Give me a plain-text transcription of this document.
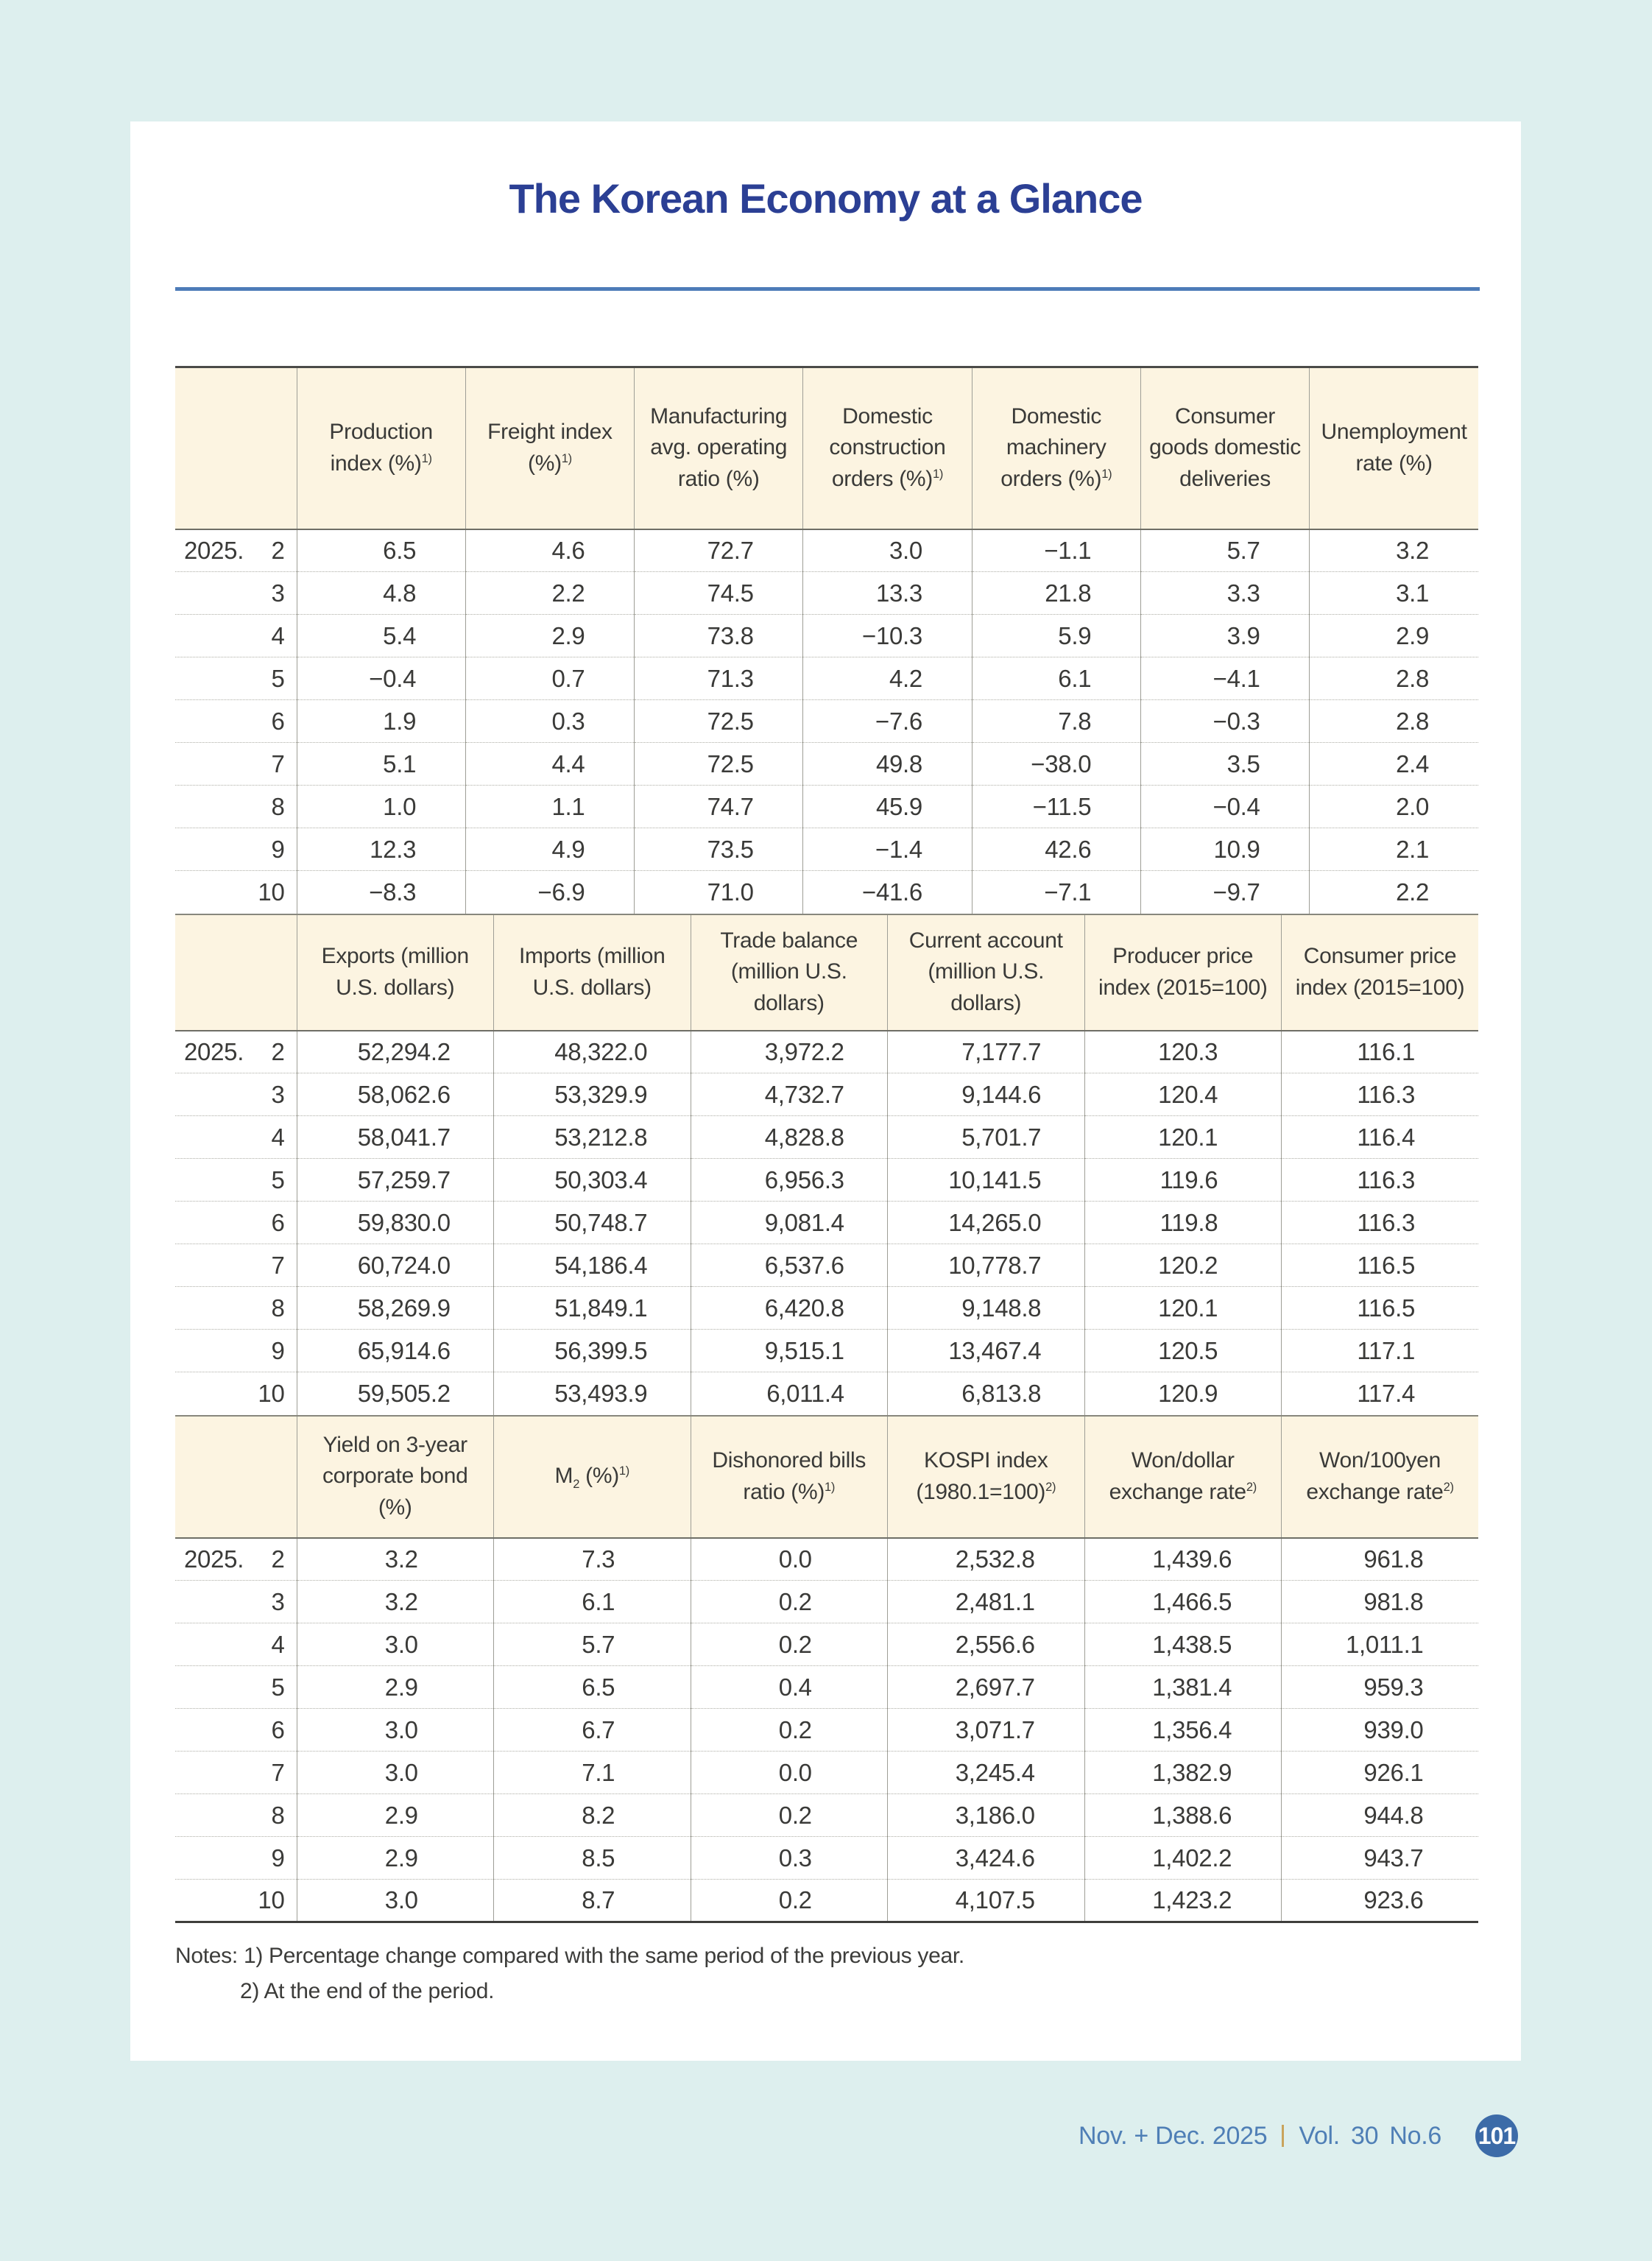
The Korean Economy at a Glance
	Production index (%)$^{1)}$	Freight index (%)$^{1)}$	Manufacturing avg. operating ratio (%)	Domestic construction orders (%)$^{1)}$	Domestic machinery orders (%)$^{1)}$	Consumer goods domestic deliveries	Unemployment rate (%)

2025. 2	6.5	4.6	72.7	3.0	−1.1	5.7	3.2

3	4.8	2.2	74.5	13.3	21.8	3.3	3.1

4	5.4	2.9	73.8	−10.3	5.9	3.9	2.9

5	−0.4	0.7	71.3	4.2	6.1	−4.1	2.8

6	1.9	0.3	72.5	−7.6	7.8	−0.3	2.8

7	5.1	4.4	72.5	49.8	−38.0	3.5	2.4

8	1.0	1.1	74.7	45.9	−11.5	−0.4	2.0

9	12.3	4.9	73.5	−1.4	42.6	10.9	2.1

10	−8.3	−6.9	71.0	−41.6	−7.1	−9.7	2.2
	Exports (million U.S. dollars)	Imports (million U.S. dollars)	Trade balance (million U.S. dollars)	Current account (million U.S. dollars)	Producer price index (2015=100)	Consumer price index (2015=100)

2025. 2	52,294.2	48,322.0	3,972.2	7,177.7	120.3	116.1

3	58,062.6	53,329.9	4,732.7	9,144.6	120.4	116.3

4	58,041.7	53,212.8	4,828.8	5,701.7	120.1	116.4

5	57,259.7	50,303.4	6,956.3	10,141.5	119.6	116.3

6	59,830.0	50,748.7	9,081.4	14,265.0	119.8	116.3

7	60,724.0	54,186.4	6,537.6	10,778.7	120.2	116.5

8	58,269.9	51,849.1	6,420.8	9,148.8	120.1	116.5

9	65,914.6	56,399.5	9,515.1	13,467.4	120.5	117.1

10	59,505.2	53,493.9	6,011.4	6,813.8	120.9	117.4
	Yield on 3-year corporate bond (%)	$M_2$ (%)$^{1)}$	Dishonored bills ratio (%)$^{1)}$	KOSPI index (1980.1=100)$^{2)}$	Won/dollar exchange rate$^{2)}$	Won/100yen exchange rate$^{2)}$

2025. 2	3.2	7.3	0.0	2,532.8	1,439.6	961.8

3	3.2	6.1	0.2	2,481.1	1,466.5	981.8

4	3.0	5.7	0.2	2,556.6	1,438.5	1,011.1

5	2.9	6.5	0.4	2,697.7	1,381.4	959.3

6	3.0	6.7	0.2	3,071.7	1,356.4	939.0

7	3.0	7.1	0.0	3,245.4	1,382.9	926.1

8	2.9	8.2	0.2	3,186.0	1,388.6	944.8

9	2.9	8.5	0.3	3,424.6	1,402.2	943.7

10	3.0	8.7	0.2	4,107.5	1,423.2	923.6
Notes: 1) Percentage change compared with the same period of the previous year.
2) At the end of the period.
Nov. + Dec. 2025 Vol. 30 No.6 101
